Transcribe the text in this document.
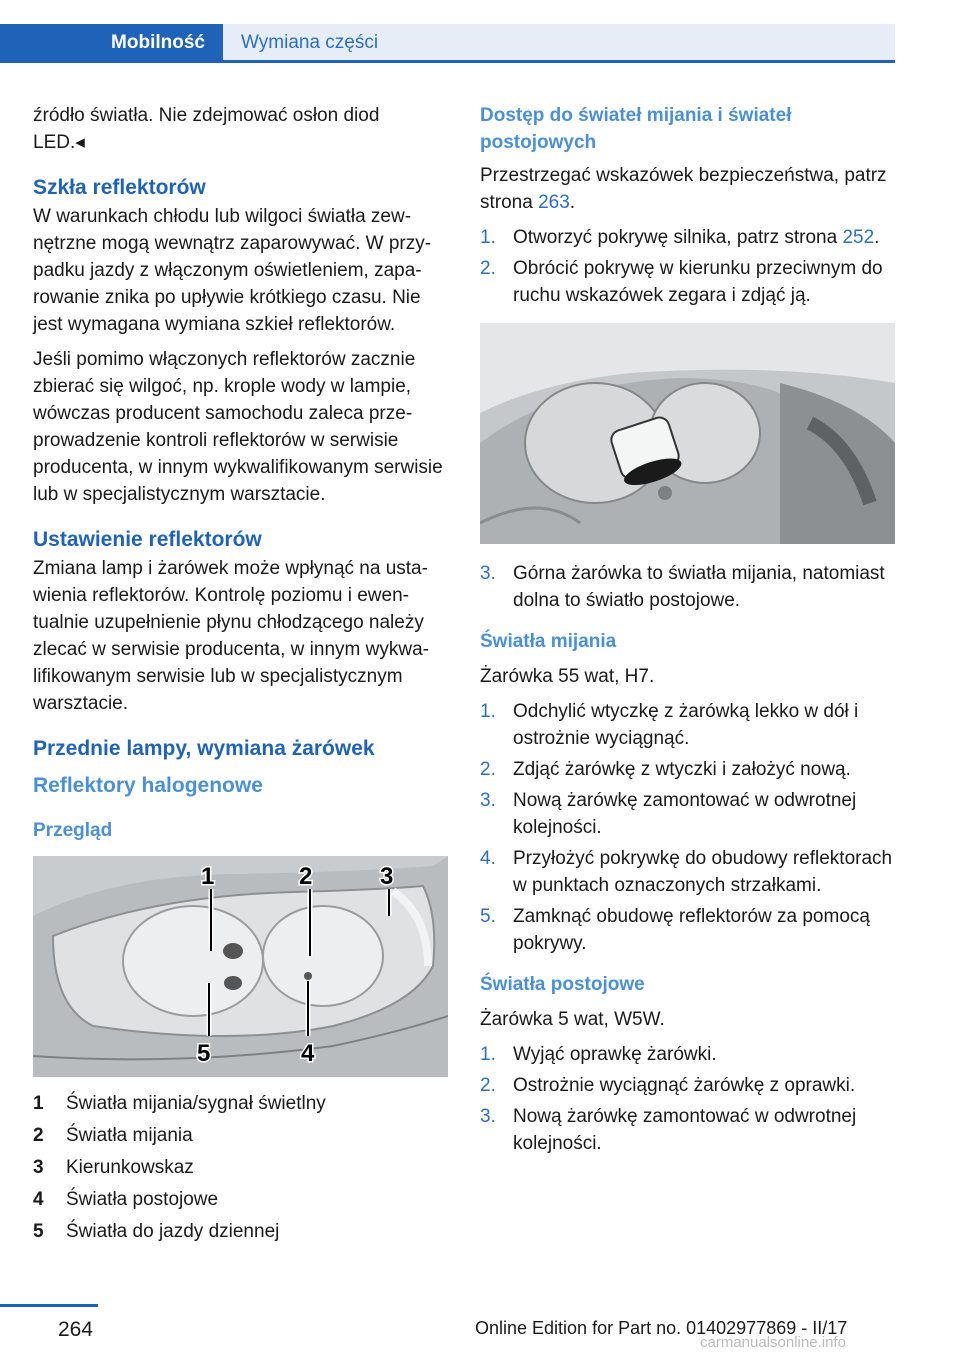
Mobilność	Wymiana części

źródło światła. Nie zdejmować osłon diod
LED.◂

Szkła reflektorów

W warunkach chłodu lub wilgoci światła zewnętrzne mogą wewnątrz zaparowywać. W przypadku jazdy z włączonym oświetleniem, zaparowanie znika po upływie krótkiego czasu. Nie jest wymagana wymiana szkieł reflektorów.

Jeśli pomimo włączonych reflektorów zacznie zbierać się wilgoć, np. krople wody w lampie, wówczas producent samochodu zaleca przeprowadzenie kontroli reflektorów w serwisie producenta, w innym wykwalifikowanym serwisie lub w specjalistycznym warsztacie.

Ustawienie reflektorów

Zmiana lamp i żarówek może wpłynąć na ustawienia reflektorów. Kontrolę poziomu i ewentualnie uzupełnienie płynu chłodzącego należy zlecać w serwisie producenta, w innym wykwalifikowanym serwisie lub w specjalistycznym warsztacie.

Przednie lampy, wymiana żarówek
Reflektory halogenowe
Przegląd
1	2	3
4
5
1	Światła mijania/sygnał świetlny
2	Światła mijania
3	Kierunkowskaz
4	Światła postojowe
5	Światła do jazdy dziennej
Dostęp do świateł mijania i świateł postojowych

Przestrzegać wskazówek bezpieczeństwa, patrz strona 263.

1. Otworzyć pokrywę silnika, patrz strona 252.
2. Obrócić pokrywę w kierunku przeciwnym do ruchu wskazówek zegara i zdjąć ją.
3. Górna żarówka to światła mijania, natomiast dolna to światło postojowe.
Światła mijania

Żarówka 55 wat, H7.

1. Odchylić wtyczkę z żarówką lekko w dół i ostrożnie wyciągnąć.
2. Zdjąć żarówkę z wtyczki i założyć nową.
3. Nową żarówkę zamontować w odwrotnej kolejności.
4. Przyłożyć pokrywkę do obudowy reflektorach w punktach oznaczonych strzałkami.
5. Zamknąć obudowę reflektorów za pomocą pokrywy.
Światła postojowe

Żarówka 5 wat, W5W.

1. Wyjąć oprawkę żarówki.
2. Ostrożnie wyciągnąć żarówkę z oprawki.
3. Nową żarówkę zamontować w odwrotnej kolejności.
264	Online Edition for Part no. 01402977869 - II/17
carmanualsonline.info
